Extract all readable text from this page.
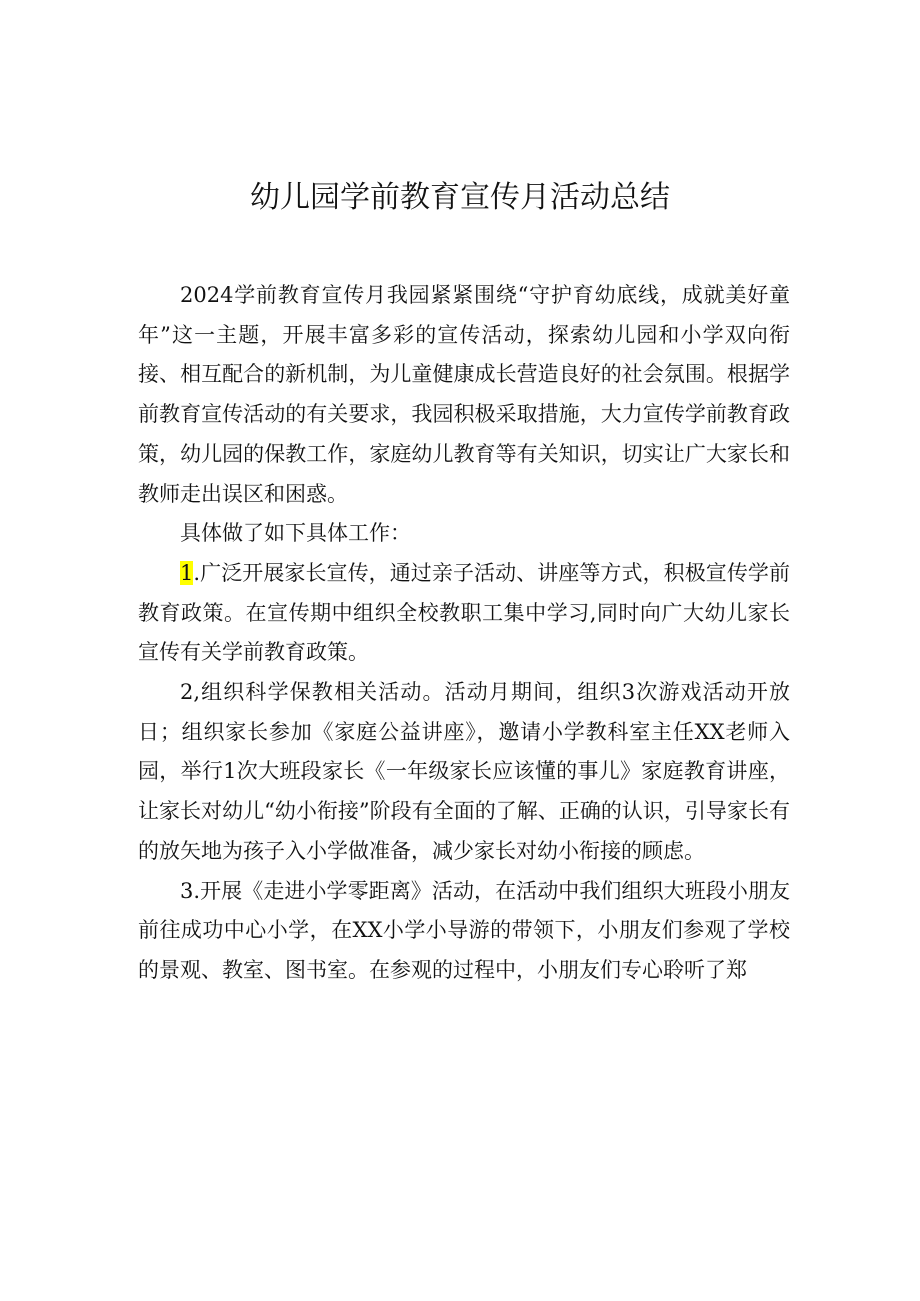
幼儿园学前教育宣传月活动总结

2024学前教育宣传月我园紧紧围绕“守护育幼底线，成就美好童年”这一主题，开展丰富多彩的宣传活动，探索幼儿园和小学双向衔接、相互配合的新机制，为儿童健康成长营造良好的社会氛围。根据学前教育宣传活动的有关要求，我园积极采取措施，大力宣传学前教育政策，幼儿园的保教工作，家庭幼儿教育等有关知识，切实让广大家长和教师走出误区和困惑。

具体做了如下具体工作：

1.广泛开展家长宣传，通过亲子活动、讲座等方式，积极宣传学前教育政策。在宣传期中组织全校教职工集中学习,同时向广大幼儿家长宣传有关学前教育政策。

2,组织科学保教相关活动。活动月期间，组织3次游戏活动开放日；组织家长参加《家庭公益讲座》，邀请小学教科室主任XX老师入园，举行1次大班段家长《一年级家长应该懂的事儿》家庭教育讲座，让家长对幼儿“幼小衔接”阶段有全面的了解、正确的认识，引导家长有的放矢地为孩子入小学做准备，减少家长对幼小衔接的顾虑。

3.开展《走进小学零距离》活动，在活动中我们组织大班段小朋友前往成功中心小学，在XX小学小导游的带领下，小朋友们参观了学校的景观、教室、图书室。在参观的过程中，小朋友们专心聆听了郑
